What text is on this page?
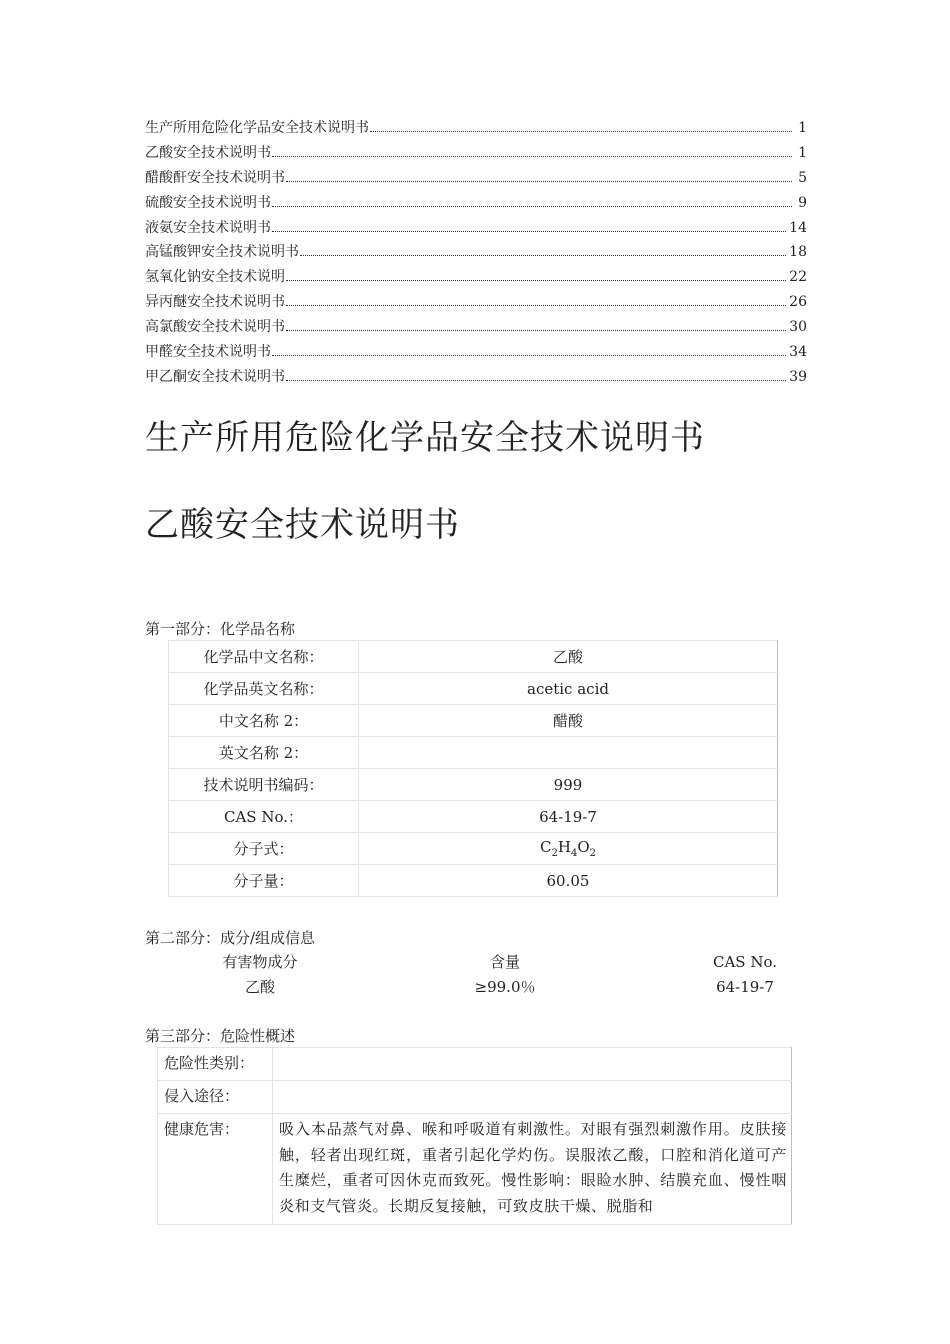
生产所用危险化学品安全技术说明书	1
乙酸安全技术说明书	1
醋酸酐安全技术说明书	5
硫酸安全技术说明书	9
液氨安全技术说明书	14
高锰酸钾安全技术说明书	18
氢氧化钠安全技术说明	22
异丙醚安全技术说明书	26
高氯酸安全技术说明书	30
甲醛安全技术说明书	34
甲乙酮安全技术说明书	39
生产所用危险化学品安全技术说明书
乙酸安全技术说明书
第一部分：化学品名称
化学品中文名称：	乙酸
化学品英文名称：	acetic acid
中文名称 2：	醋酸
英文名称 2：	
技术说明书编码：	999
CAS No.：	64-19-7
分子式：	$C_2H_4O_2$
分子量：	60.05
第二部分：成分/组成信息
有害物成分	含量	CAS No.
乙酸	≥99.0％	64-19-7
第三部分：危险性概述
危险性类别：	
侵入途径：	
健康危害：	吸入本品蒸气对鼻、喉和呼吸道有刺激性。对眼有强烈刺激作用。皮肤接触，轻者出现红斑，重者引起化学灼伤。误服浓乙酸，口腔和消化道可产生糜烂，重者可因休克而致死。慢性影响：眼睑水肿、结膜充血、慢性咽炎和支气管炎。长期反复接触，可致皮肤干燥、脱脂和
